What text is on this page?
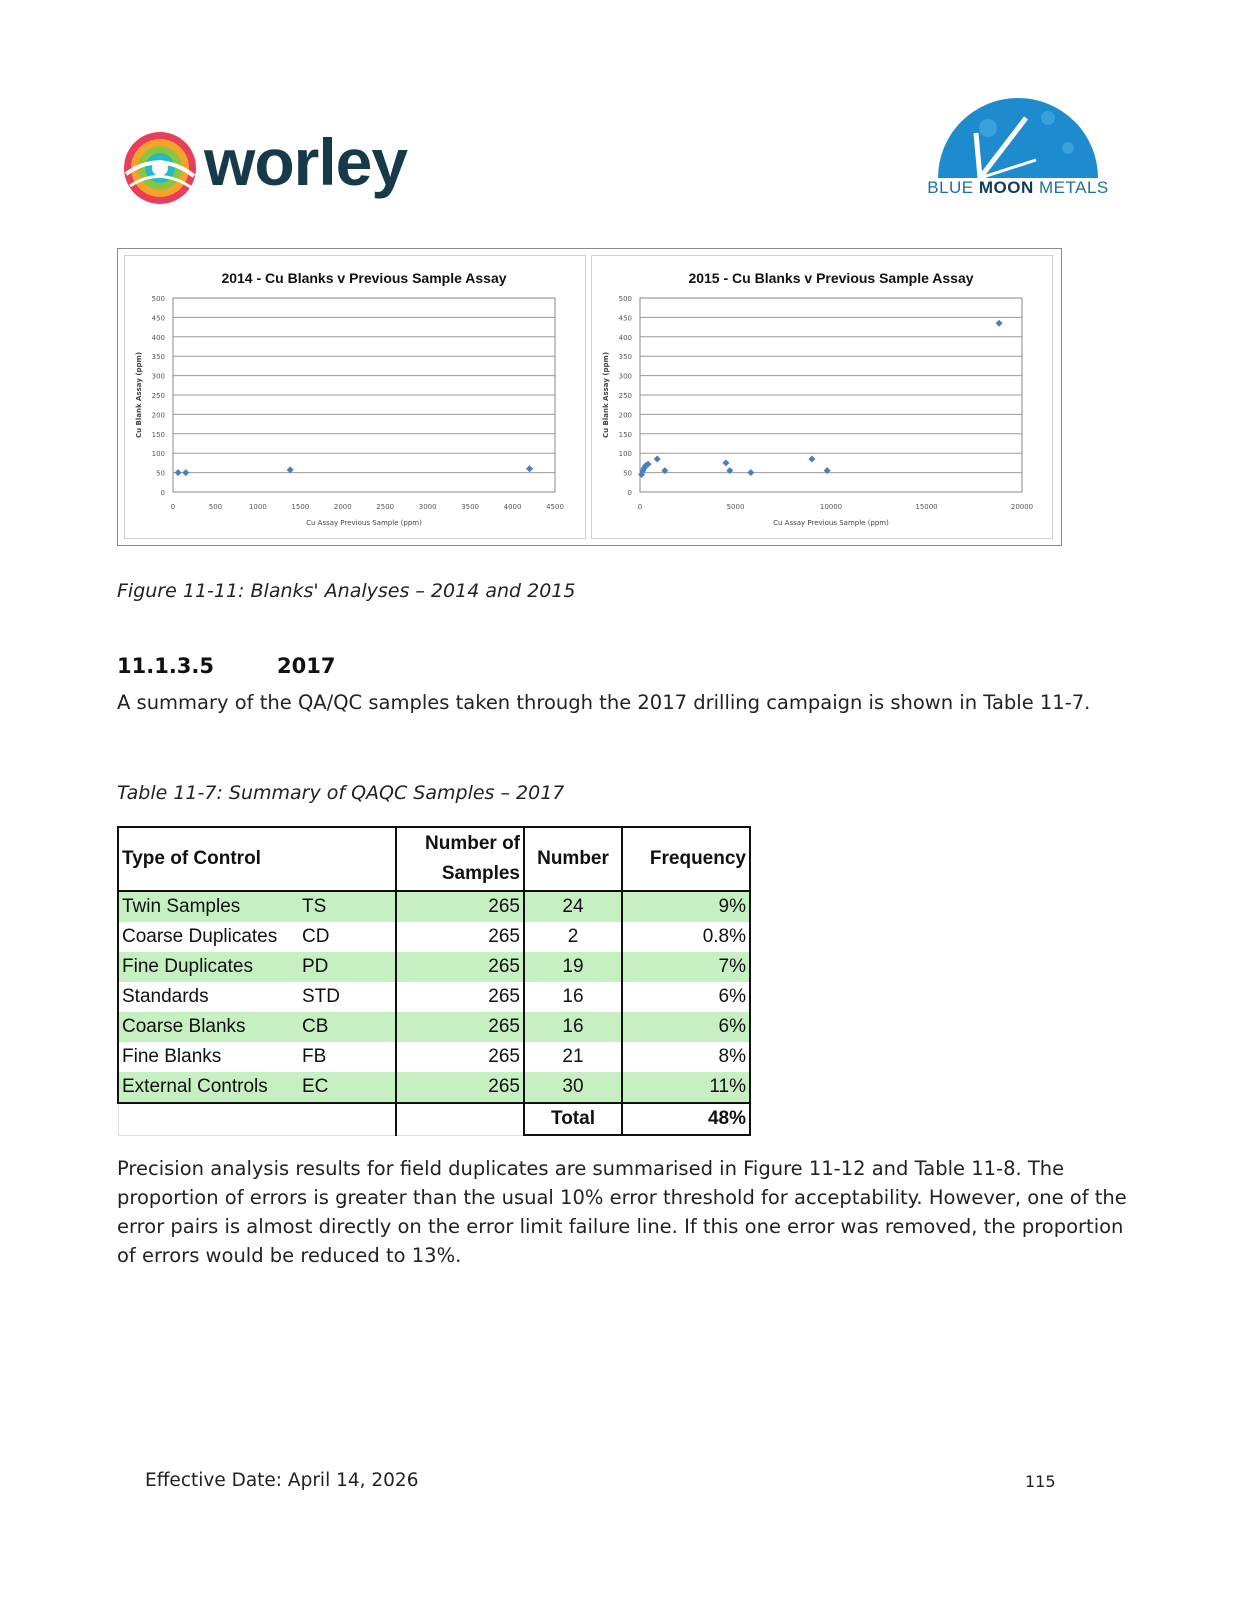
worley	BLUE MOON METALS
2014 - Cu Blanks v Previous Sample Assay
0
50
100
150
200
250
300
350
400
450
500
0	500	1000	1500	2000	2500	3000	3500	4000	4500
Cu Assay Previous Sample (ppm)
Cu Blank Assay (ppm)
2015 - Cu Blanks v Previous Sample Assay
0
50
100
150
200
250
300
350
400
450
500
0	5000	10000	15000	20000
Cu Assay Previous Sample (ppm)
Cu Blank Assay (ppm)
Figure 11-11: Blanks' Analyses – 2014 and 2015
11.1.3.5	2017
A summary of the QA/QC samples taken through the 2017 drilling campaign is shown in Table 11-7.
Table 11-7: Summary of QAQC Samples – 2017
Type of Control		Number of Samples	Number	Frequency
Twin Samples	TS	265	24	9%
Coarse Duplicates	CD	265	2	0.8%
Fine Duplicates	PD	265	19	7%
Standards	STD	265	16	6%
Coarse Blanks	CB	265	16	6%
Fine Blanks	FB	265	21	8%
External Controls	EC	265	30	11%
			Total	48%
Precision analysis results for field duplicates are summarised in Figure 11-12 and Table 11-8. The proportion of errors is greater than the usual 10% error threshold for acceptability. However, one of the error pairs is almost directly on the error limit failure line. If this one error was removed, the proportion of errors would be reduced to 13%.
Effective Date: April 14, 2026	115
